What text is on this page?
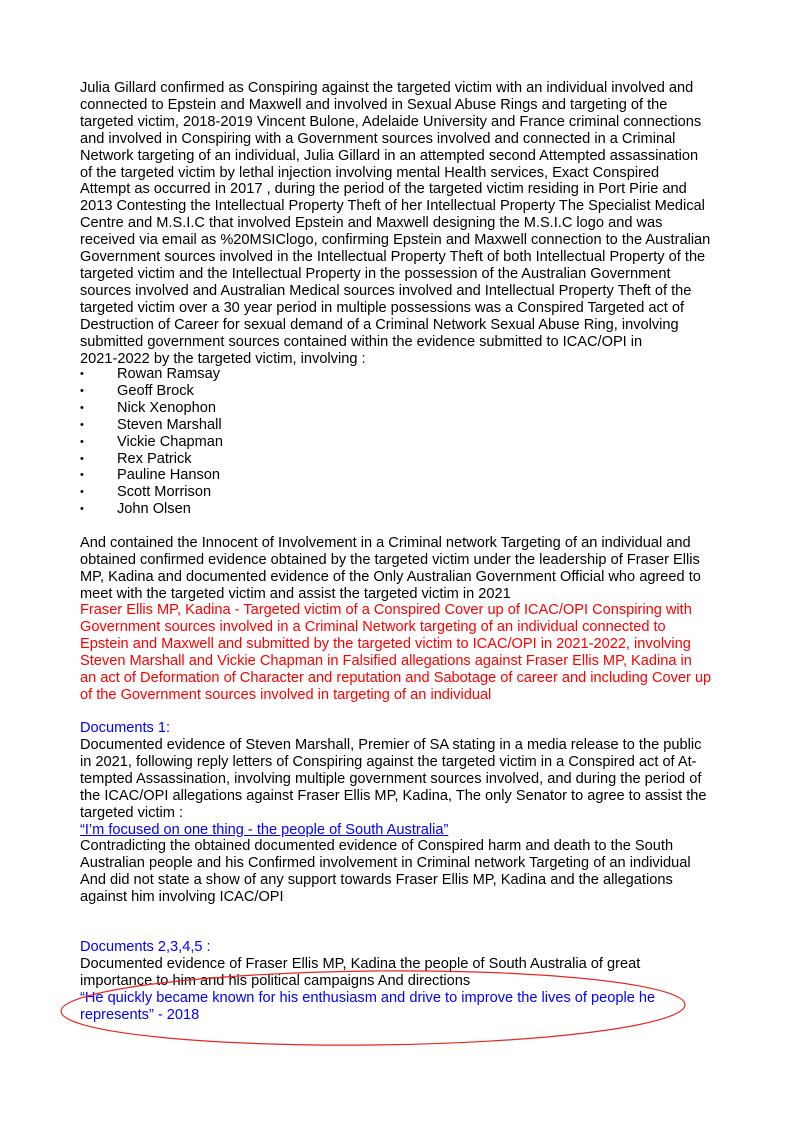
Julia Gillard confirmed as Conspiring against the targeted victim with an individual involved and
connected to Epstein and Maxwell and involved in Sexual Abuse Rings and targeting of the
targeted victim, 2018-2019 Vincent Bulone, Adelaide University and France criminal connections
and involved in Conspiring with a Government sources involved and connected in a Criminal
Network targeting of an individual, Julia Gillard in an attempted second Attempted assassination
of the targeted victim by lethal injection involving mental Health services, Exact Conspired
Attempt as occurred in 2017 , during the period of the targeted victim residing in Port Pirie and
2013 Contesting the Intellectual Property Theft of her Intellectual Property The Specialist Medical
Centre and M.S.I.C that involved Epstein and Maxwell designing the M.S.I.C logo and was
received via email as %20MSIClogo, confirming Epstein and Maxwell connection to the Australian
Government sources involved in the Intellectual Property Theft of both Intellectual Property of the
targeted victim and the Intellectual Property in the possession of the Australian Government
sources involved and Australian Medical sources involved and Intellectual Property Theft of the
targeted victim over a 30 year period in multiple possessions was a Conspired Targeted act of
Destruction of Career for sexual demand of a Criminal Network Sexual Abuse Ring, involving
submitted government sources contained within the evidence submitted to ICAC/OPI in
2021-2022 by the targeted victim, involving :
• Rowan Ramsay
• Geoff Brock
• Nick Xenophon
• Steven Marshall
• Vickie Chapman
• Rex Patrick
• Pauline Hanson
• Scott Morrison
• John Olsen
And contained the Innocent of Involvement in a Criminal network Targeting of an individual and
obtained confirmed evidence obtained by the targeted victim under the leadership of Fraser Ellis
MP, Kadina and documented evidence of the Only Australian Government Official who agreed to
meet with the targeted victim and assist the targeted victim in 2021
Fraser Ellis MP, Kadina - Targeted victim of a Conspired Cover up of ICAC/OPI Conspiring with
Government sources involved in a Criminal Network targeting of an individual connected to
Epstein and Maxwell and submitted by the targeted victim to ICAC/OPI in 2021-2022, involving
Steven Marshall and Vickie Chapman in Falsified allegations against Fraser Ellis MP, Kadina in
an act of Deformation of Character and reputation and Sabotage of career and including Cover up
of the Government sources involved in targeting of an individual
Documents 1:
Documented evidence of Steven Marshall, Premier of SA stating in a media release to the public
in 2021, following reply letters of Conspiring against the targeted victim in a Conspired act of At-
tempted Assassination, involving multiple government sources involved, and during the period of
the ICAC/OPI allegations against Fraser Ellis MP, Kadina, The only Senator to agree to assist the
targeted victim :
“I’m focused on one thing - the people of South Australia”
Contradicting the obtained documented evidence of Conspired harm and death to the South
Australian people and his Confirmed involvement in Criminal network Targeting of an individual
And did not state a show of any support towards Fraser Ellis MP, Kadina and the allegations
against him involving ICAC/OPI
Documents 2,3,4,5 :
Documented evidence of Fraser Ellis MP, Kadina the people of South Australia of great
importance to him and his political campaigns And directions
“He quickly became known for his enthusiasm and drive to improve the lives of people he
represents” - 2018
